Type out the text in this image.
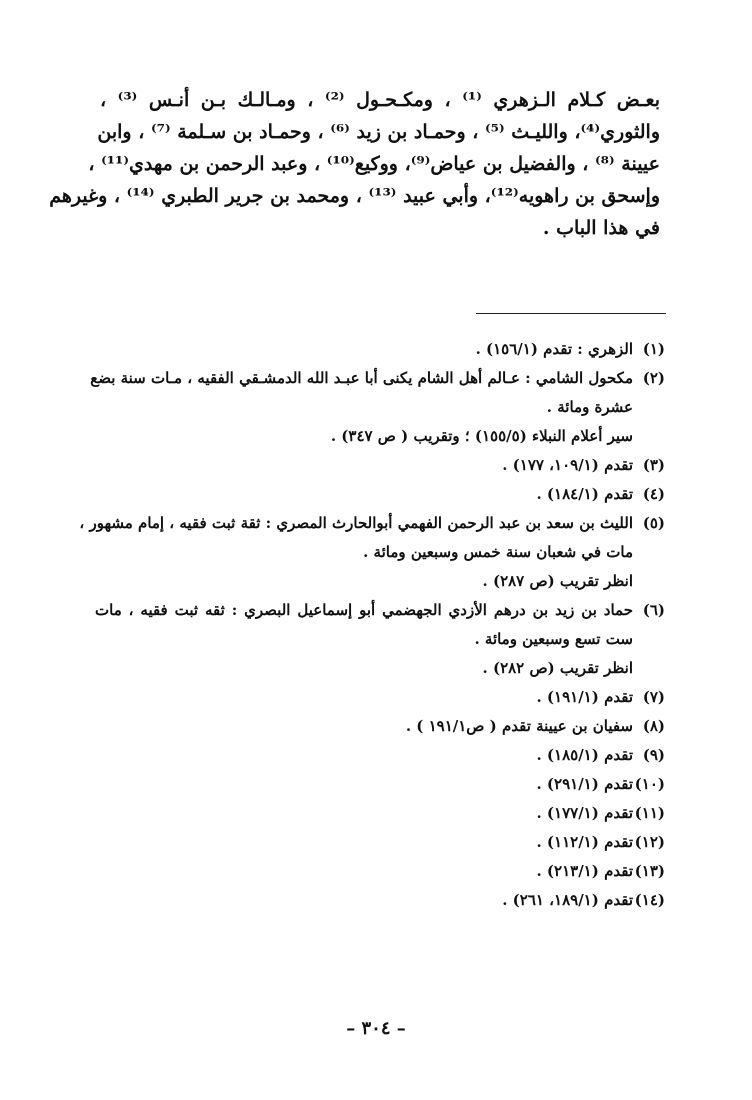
بعـض كـلام الـزهري ⁽¹⁾ ، ومكـحـول ⁽²⁾ ، ومـالـك بـن أنـس ⁽³⁾ ،
والثوري⁽⁴⁾، والليـث ⁽⁵⁾ ، وحمـاد بن زيد ⁽⁶⁾ ، وحمـاد بن سـلمة ⁽⁷⁾ ، وابن
عيينة ⁽⁸⁾ ، والفضيل بن عياض⁽⁹⁾، ووكيع⁽¹⁰⁾ ، وعبد الرحمن بن مهدي⁽¹¹⁾ ،
وإسحق بن راهويه⁽¹²⁾، وأبي عبيد ⁽¹³⁾ ، ومحمد بن جرير الطبري ⁽¹⁴⁾ ، وغيرهم
في هذا الباب .
(١)
الزهري : تقدم (١٥٦/١) .
(٢)
مكحول الشامي : عـالم أهل الشام يكنى أبا عبـد الله الدمشـقي الفقيه ، مـات سنة بضع
عشرة ومائة .
سير أعلام النبلاء (١٥٥/٥) ؛ وتقريب ( ص ٣٤٧) .
(٣)
تقدم (١٠٩/١، ١٧٧) .
(٤)
تقدم (١٨٤/١) .
(٥)
الليث بن سعد بن عبد الرحمن الفهمي أبوالحارث المصري : ثقة ثبت فقيه ، إمام مشهور ،
مات في شعبان سنة خمس وسبعين ومائة .
انظر تقريب (ص ٢٨٧) .
(٦)
حماد بن زيد بن درهم الأزدي الجهضمي أبو إسماعيل البصري : ثقه ثبت فقيه ، مات
ست تسع وسبعين ومائة .
انظر تقريب (ص ٢٨٢) .
(٧)
تقدم (١٩١/١) .
(٨)
سفيان بن عيينة تقدم ( ص١٩١/١ ) .
(٩)
تقدم (١٨٥/١) .
(١٠)
تقدم (٢٩١/١) .
(١١)
تقدم (١٧٧/١) .
(١٢)
تقدم (١١٢/١) .
(١٣)
تقدم (٢١٣/١) .
(١٤)
تقدم (١٨٩/١، ٢٦١) .
– ٣٠٤ –
